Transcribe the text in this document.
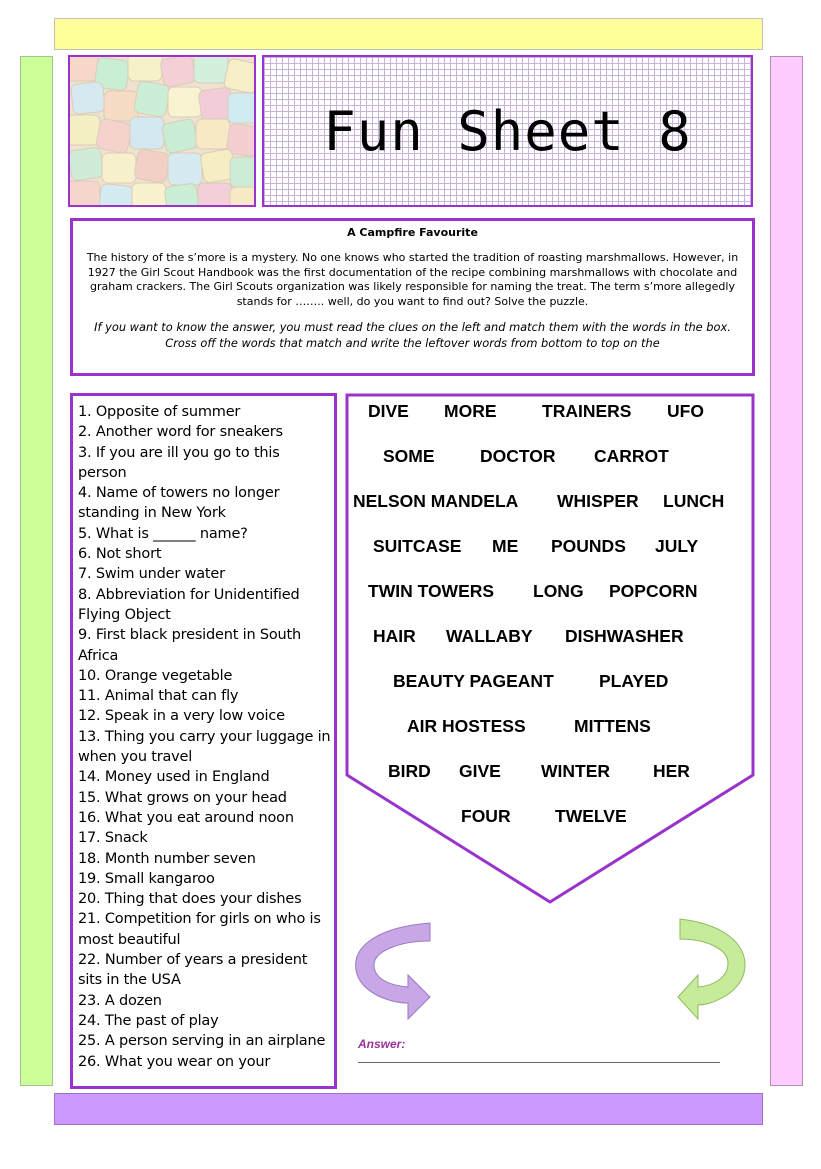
Fun Sheet 8
A Campfire Favourite

The history of the s’more is a mystery. No one knows who started the tradition of roasting marshmallows. However, in 1927 the Girl Scout Handbook was the first documentation of the recipe combining marshmallows with chocolate and graham crackers. The Girl Scouts organization was likely responsible for naming the treat. The term s’more allegedly stands for …….. well, do you want to find out? Solve the puzzle.

If you want to know the answer, you must read the clues on the left and match them with the words in the box. Cross off the words that match and write the leftover words from bottom to top on the

1. Opposite of summer
2. Another word for sneakers
3. If you are ill you go to this person
4. Name of towers no longer standing in New York
5. What is ______ name?
6. Not short
7. Swim under water
8. Abbreviation for Unidentified Flying Object
9. First black president in South Africa
10. Orange vegetable
11. Animal that can fly
12. Speak in a very low voice
13. Thing you carry your luggage in when you travel
14. Money used in England
15. What grows on your head
16. What you eat around noon
17. Snack
18. Month number seven
19. Small kangaroo
20. Thing that does your dishes
21. Competition for girls on who is most beautiful
22. Number of years a president sits in the USA
23. A dozen
24. The past of play
25. A person serving in an airplane
26. What you wear on your
DIVE MORE	TRAINERS UFO
SOME	DOCTOR CARROT
NELSON MANDELA WHISPER LUNCH
SUITCASE ME POUNDS JULY
TWIN TOWERS LONG POPCORN
HAIR WALLABY DISHWASHER
BEAUTY PAGEANT	PLAYED
AIR HOSTESS	MITTENS
BIRD GIVE WINTER HER
FOUR	TWELVE
Answer:
